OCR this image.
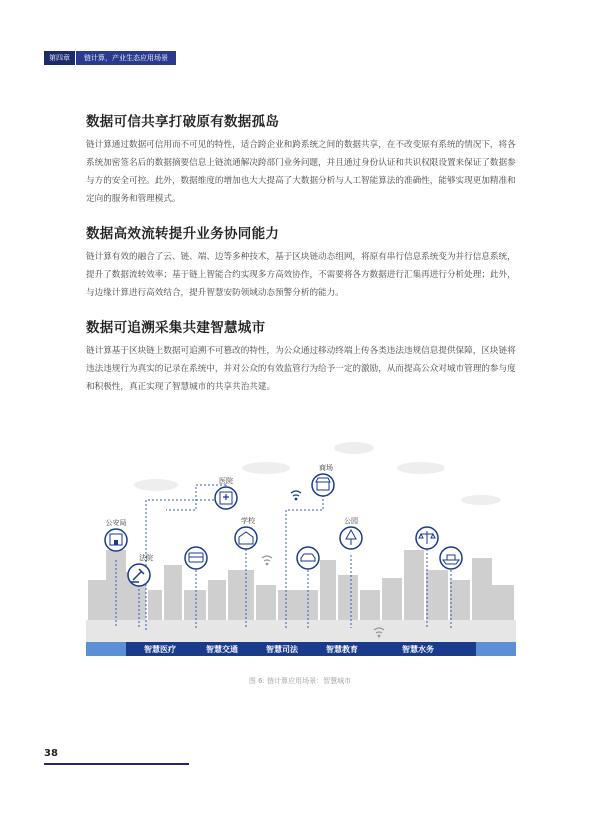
第四章	链计算，产业生态应用场景
数据可信共享打破原有数据孤岛

链计算通过数据可信用而不可见的特性，适合跨企业和跨系统之间的数据共享，在不改变原有系统的情况下，将各系统加密签名后的数据摘要信息上链流通解决跨部门业务问题，并且通过身份认证和共识权限设置来保证了数据参与方的安全可控。此外，数据维度的增加也大大提高了大数据分析与人工智能算法的准确性，能够实现更加精准和定向的服务和管理模式。

数据高效流转提升业务协同能力

链计算有效的融合了云、链、端、边等多种技术，基于区块链动态组网，将原有串行信息系统变为并行信息系统，提升了数据流转效率；基于链上智能合约实现多方高效协作，不需要将各方数据进行汇集再进行分析处理；此外，与边缘计算进行高效结合，提升智慧安防领域动态预警分析的能力。

数据可追溯采集共建智慧城市

链计算基于区块链上数据可追溯不可篡改的特性，为公众通过移动终端上传各类违法违规信息提供保障，区块链将违法违规行为真实的记录在系统中，并对公众的有效监管行为给予一定的激励，从而提高公众对城市管理的参与度和积极性，真正实现了智慧城市的共享共治共建。

公安局
法院
医院
学校
商场
公园
智慧医疗	智慧交通	智慧司法	智慧教育	智慧水务
图 6: 链计算应用场景：智慧城市
38
